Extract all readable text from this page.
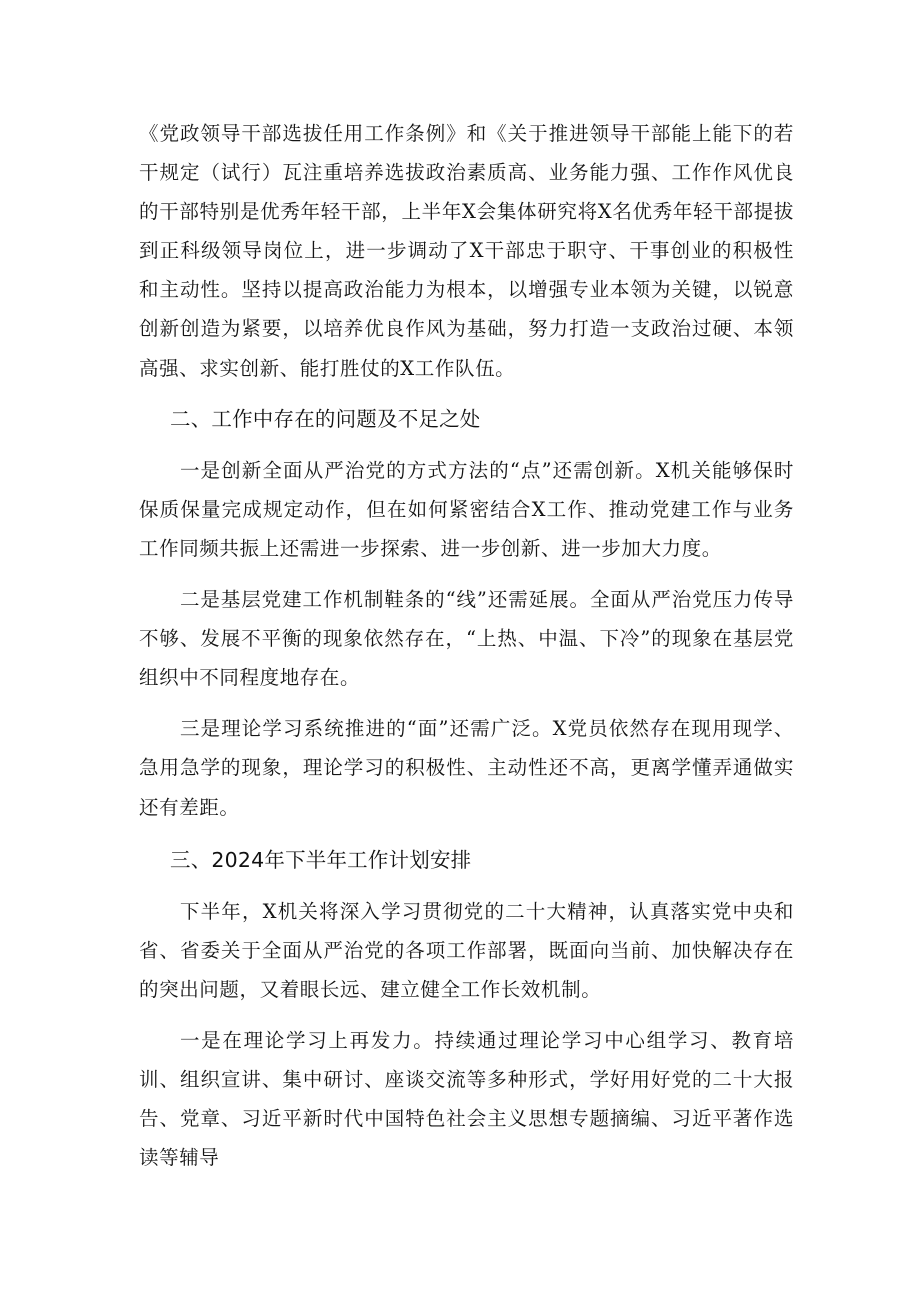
《党政领导干部选拔任用工作条例》和《关于推进领导干部能上能下的若干规定（试行）瓦注重培养选拔政治素质高、业务能力强、工作作风优良的干部特别是优秀年轻干部，上半年X会集体研究将X名优秀年轻干部提拔到正科级领导岗位上，进一步调动了X干部忠于职守、干事创业的积极性和主动性。坚持以提高政治能力为根本，以增强专业本领为关键，以锐意创新创造为紧要，以培养优良作风为基础，努力打造一支政治过硬、本领高强、求实创新、能打胜仗的X工作队伍。

二、工作中存在的问题及不足之处

一是创新全面从严治党的方式方法的“点”还需创新。X机关能够保时保质保量完成规定动作，但在如何紧密结合X工作、推动党建工作与业务工作同频共振上还需进一步探索、进一步创新、进一步加大力度。

二是基层党建工作机制鞋条的“线”还需延展。全面从严治党压力传导不够、发展不平衡的现象依然存在，“上热、中温、下冷”的现象在基层党组织中不同程度地存在。

三是理论学习系统推进的“面”还需广泛。X党员依然存在现用现学、急用急学的现象，理论学习的积极性、主动性还不高，更离学懂弄通做实还有差距。

三、2024年下半年工作计划安排

下半年，X机关将深入学习贯彻党的二十大精神，认真落实党中央和省、省委关于全面从严治党的各项工作部署，既面向当前、加快解决存在的突出问题，又着眼长远、建立健全工作长效机制。

一是在理论学习上再发力。持续通过理论学习中心组学习、教育培训、组织宣讲、集中研讨、座谈交流等多种形式，学好用好党的二十大报告、党章、习近平新时代中国特色社会主义思想专题摘编、习近平著作选读等辅导
